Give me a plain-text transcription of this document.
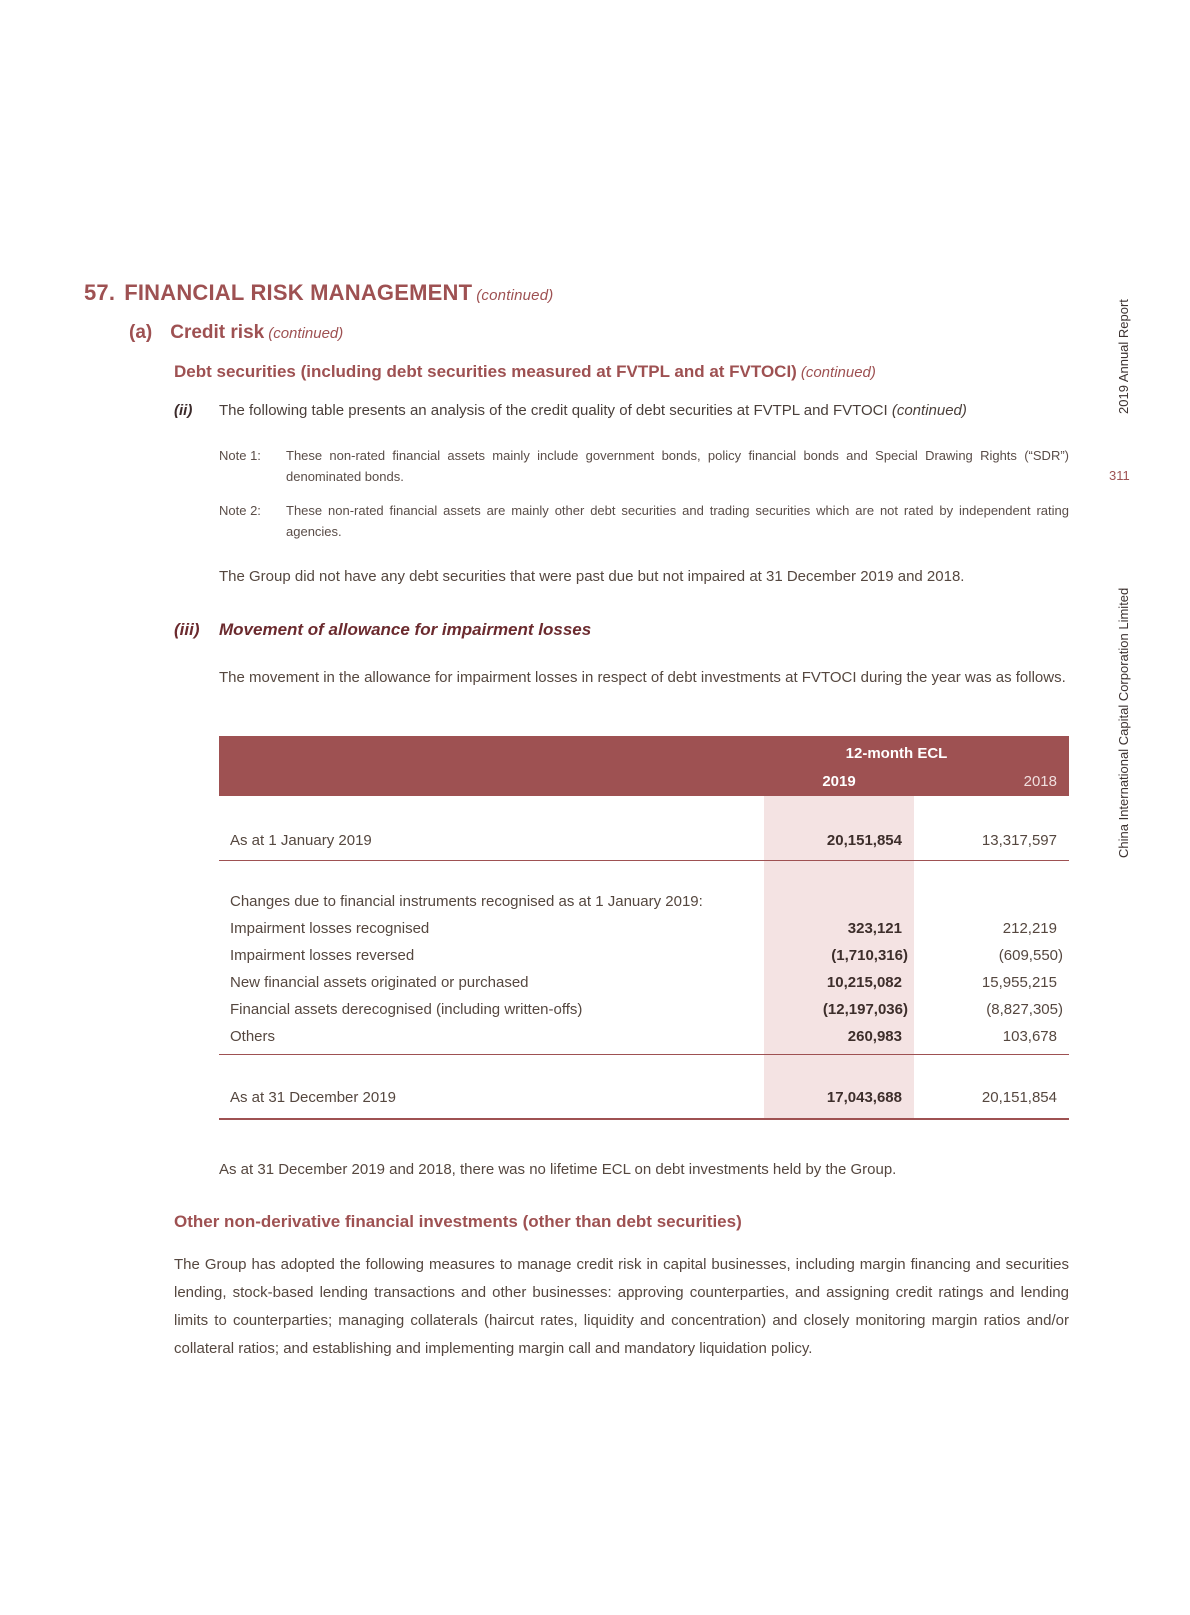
57. FINANCIAL RISK MANAGEMENT (continued)
(a) Credit risk (continued)
Debt securities (including debt securities measured at FVTPL and at FVTOCI) (continued)
(ii) The following table presents an analysis of the credit quality of debt securities at FVTPL and FVTOCI (continued)
Note 1:	These non-rated financial assets mainly include government bonds, policy financial bonds and Special Drawing Rights (“SDR”) denominated bonds.
Note 2:	These non-rated financial assets are mainly other debt securities and trading securities which are not rated by independent rating agencies.
The Group did not have any debt securities that were past due but not impaired at 31 December 2019 and 2018.
(iii) Movement of allowance for impairment losses
The movement in the allowance for impairment losses in respect of debt investments at FVTOCI during the year was as follows.
12-month ECL
2019	2018
As at 1 January 2019	20,151,854	13,317,597
Changes due to financial instruments recognised as at 1 January 2019:
Impairment losses recognised	323,121	212,219
Impairment losses reversed	(1,710,316)	(609,550)
New financial assets originated or purchased	10,215,082	15,955,215
Financial assets derecognised (including written-offs)	(12,197,036)	(8,827,305)
Others	260,983	103,678
As at 31 December 2019	17,043,688	20,151,854
As at 31 December 2019 and 2018, there was no lifetime ECL on debt investments held by the Group.
Other non-derivative financial investments (other than debt securities)
The Group has adopted the following measures to manage credit risk in capital businesses, including margin financing and securities lending, stock-based lending transactions and other businesses: approving counterparties, and assigning credit ratings and lending limits to counterparties; managing collaterals (haircut rates, liquidity and concentration) and closely monitoring margin ratios and/or collateral ratios; and establishing and implementing margin call and mandatory liquidation policy.
2019 Annual Report
311
China International Capital Corporation Limited
